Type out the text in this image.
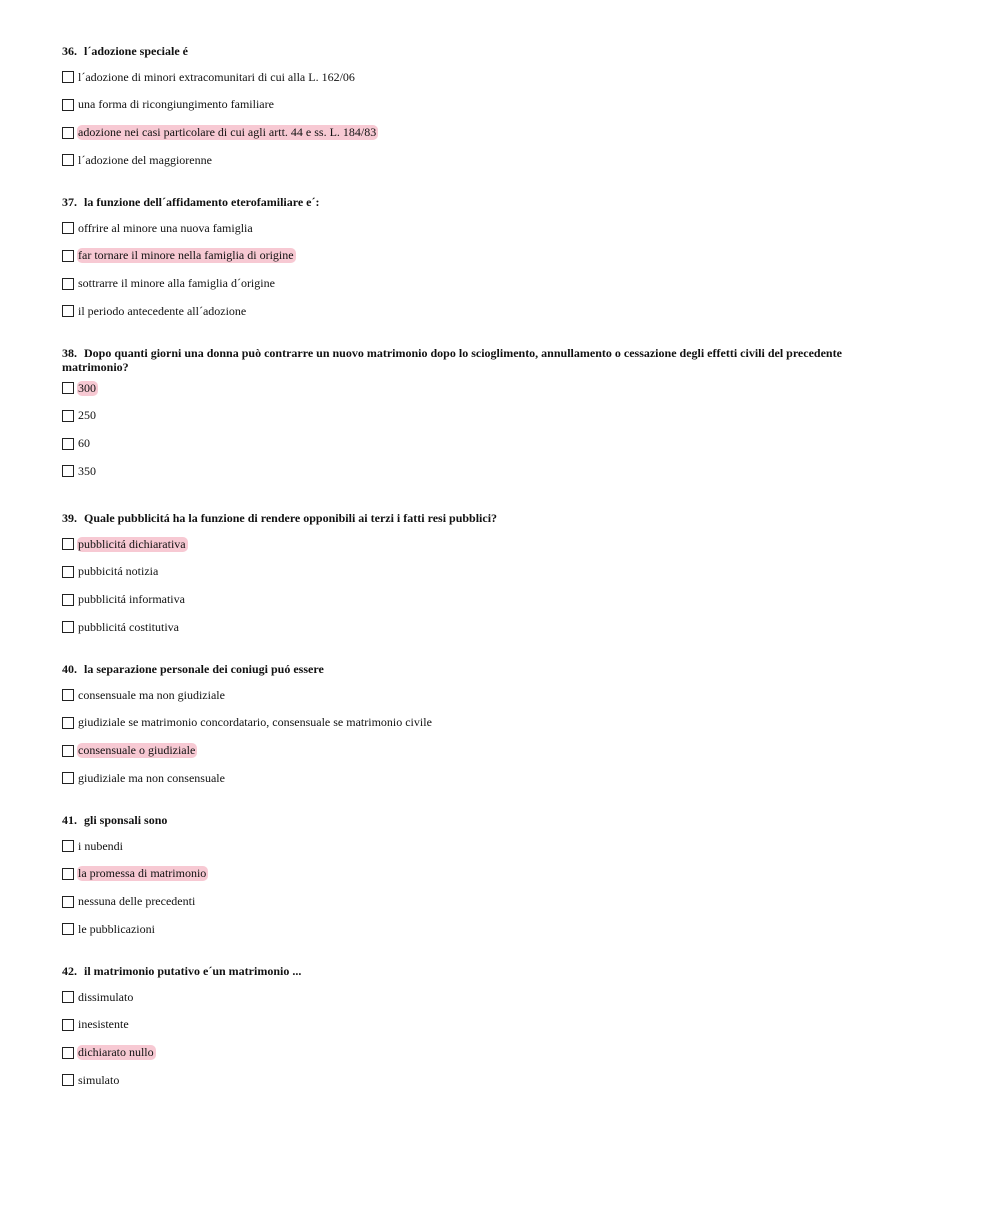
36. l´adozione speciale é

l´adozione di minori extracomunitari di cui alla L. 162/06
una forma di ricongiungimento familiare
adozione nei casi particolare di cui agli artt. 44 e ss. L. 184/83
l´adozione del maggiorenne

37. la funzione dell´affidamento eterofamiliare e´:

offrire al minore una nuova famiglia
far tornare il minore nella famiglia di origine
sottrarre il minore alla famiglia d´origine
il periodo antecedente all´adozione

38. Dopo quanti giorni una donna può contrarre un nuovo matrimonio dopo lo scioglimento, annullamento o cessazione degli effetti civili del precedente matrimonio?

300
250
60
350

39. Quale pubblicitá ha la funzione di rendere opponibili ai terzi i fatti resi pubblici?

pubblicitá dichiarativa
pubbicitá notizia
pubblicitá informativa
pubblicitá costitutiva

40. la separazione personale dei coniugi puó essere

consensuale ma non giudiziale
giudiziale se matrimonio concordatario, consensuale se matrimonio civile
consensuale o giudiziale
giudiziale ma non consensuale

41. gli sponsali sono

i nubendi
la promessa di matrimonio
nessuna delle precedenti
le pubblicazioni

42. il matrimonio putativo e´un matrimonio ...

dissimulato
inesistente
dichiarato nullo
simulato
